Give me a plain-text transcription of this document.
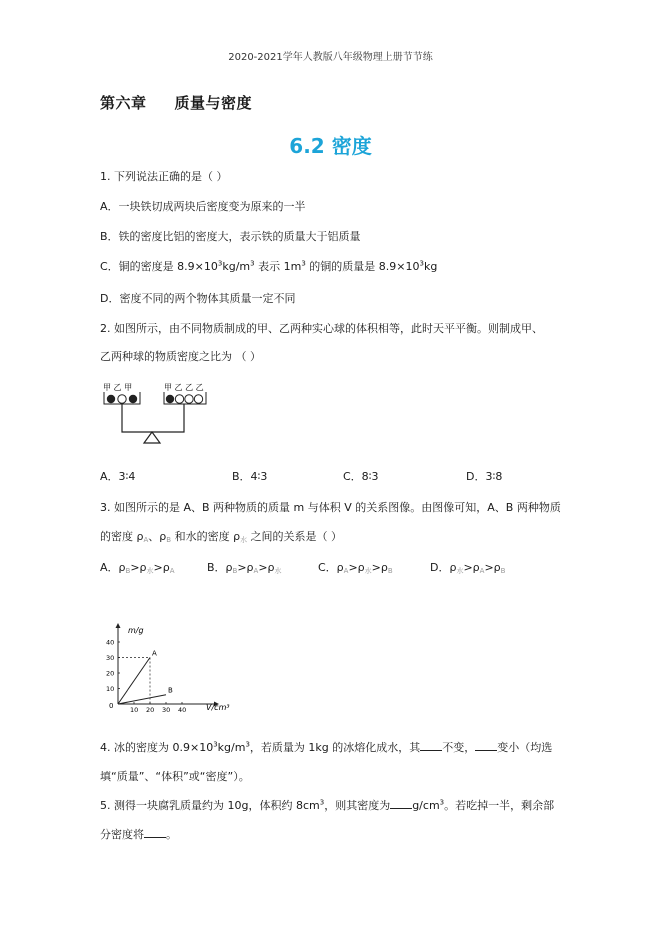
2020-2021学年人教版八年级物理上册节节练
第六章 质量与密度
6.2 密度
1. 下列说法正确的是（ ）
A．一块铁切成两块后密度变为原来的一半
B．铁的密度比铝的密度大，表示铁的质量大于铝质量
C．铜的密度是 $8.9\times 10^3kg/m^3$ 表示 $1m^3$ 的铜的质量是 $8.9\times 10^3kg$
D．密度不同的两个物体其质量一定不同
2. 如图所示，由不同物质制成的甲、乙两种实心球的体积相等，此时天平平衡。则制成甲、
乙两种球的物质密度之比为 （ ）
甲 乙 甲	甲 乙 乙 乙
A．3∶4	B．4∶3	C．8∶3	D．3∶8
3. 如图所示的是 A、B 两种物质的质量 m 与体积 V 的关系图像。由图像可知，A、B 两种物质
的密度 ρA、ρB 和水的密度 ρ水 之间的关系是（ ）
A．ρB>ρ水>ρA	B．ρB>ρA>ρ水	C．ρA>ρ水>ρB	D．ρ水>ρA>ρB
m/g
V/cm³
0	10 20 30 40
10
20
30
40
A
B
4. 冰的密度为 $0.9\times 10^3kg/m^3$，若质量为 1kg 的冰熔化成水，其 不变， 变小（均选
填“质量”、“体积”或“密度”）。
5. 测得一块腐乳质量约为 10g，体积约 $8cm^3$，则其密度为 $g/cm^3$。若吃掉一半，剩余部
分密度将 。
